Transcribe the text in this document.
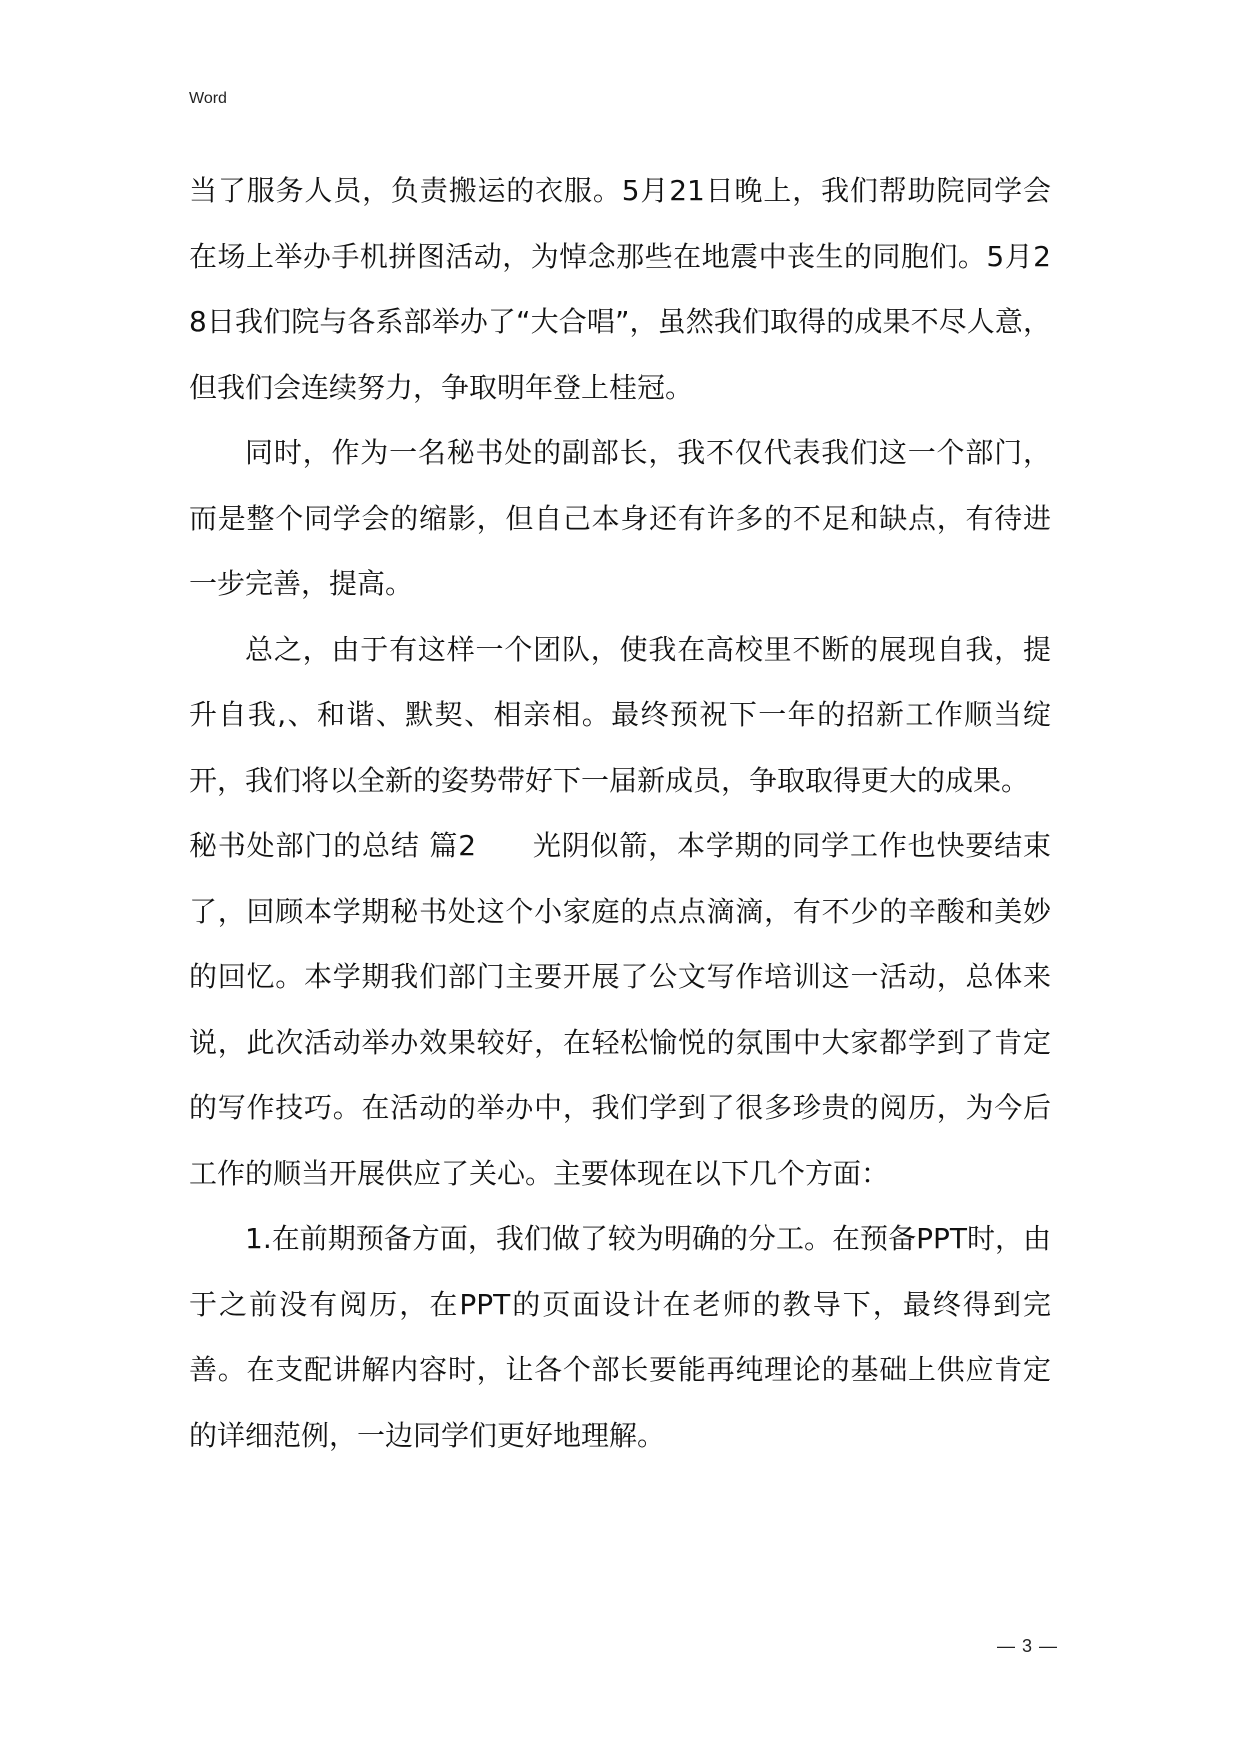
Word

当了服务人员，负责搬运的衣服。5月21日晚上，我们帮助院同学会在场上举办手机拼图活动，为悼念那些在地震中丧生的同胞们。5月28日我们院与各系部举办了“大合唱”，虽然我们取得的成果不尽人意，但我们会连续努力，争取明年登上桂冠。

同时，作为一名秘书处的副部长，我不仅代表我们这一个部门，而是整个同学会的缩影，但自己本身还有许多的不足和缺点，有待进一步完善，提高。

总之，由于有这样一个团队，使我在高校里不断的展现自我，提升自我,、和谐、默契、相亲相。最终预祝下一年的招新工作顺当绽开，我们将以全新的姿势带好下一届新成员，争取取得更大的成果。

秘书处部门的总结 篇2 光阴似箭，本学期的同学工作也快要结束了，回顾本学期秘书处这个小家庭的点点滴滴，有不少的辛酸和美妙的回忆。本学期我们部门主要开展了公文写作培训这一活动，总体来说，此次活动举办效果较好，在轻松愉悦的氛围中大家都学到了肯定的写作技巧。在活动的举办中，我们学到了很多珍贵的阅历，为今后工作的顺当开展供应了关心。主要体现在以下几个方面：

1.在前期预备方面，我们做了较为明确的分工。在预备PPT时，由于之前没有阅历，在PPT的页面设计在老师的教导下，最终得到完善。在支配讲解内容时，让各个部长要能再纯理论的基础上供应肯定的详细范例，一边同学们更好地理解。

— 3 —
